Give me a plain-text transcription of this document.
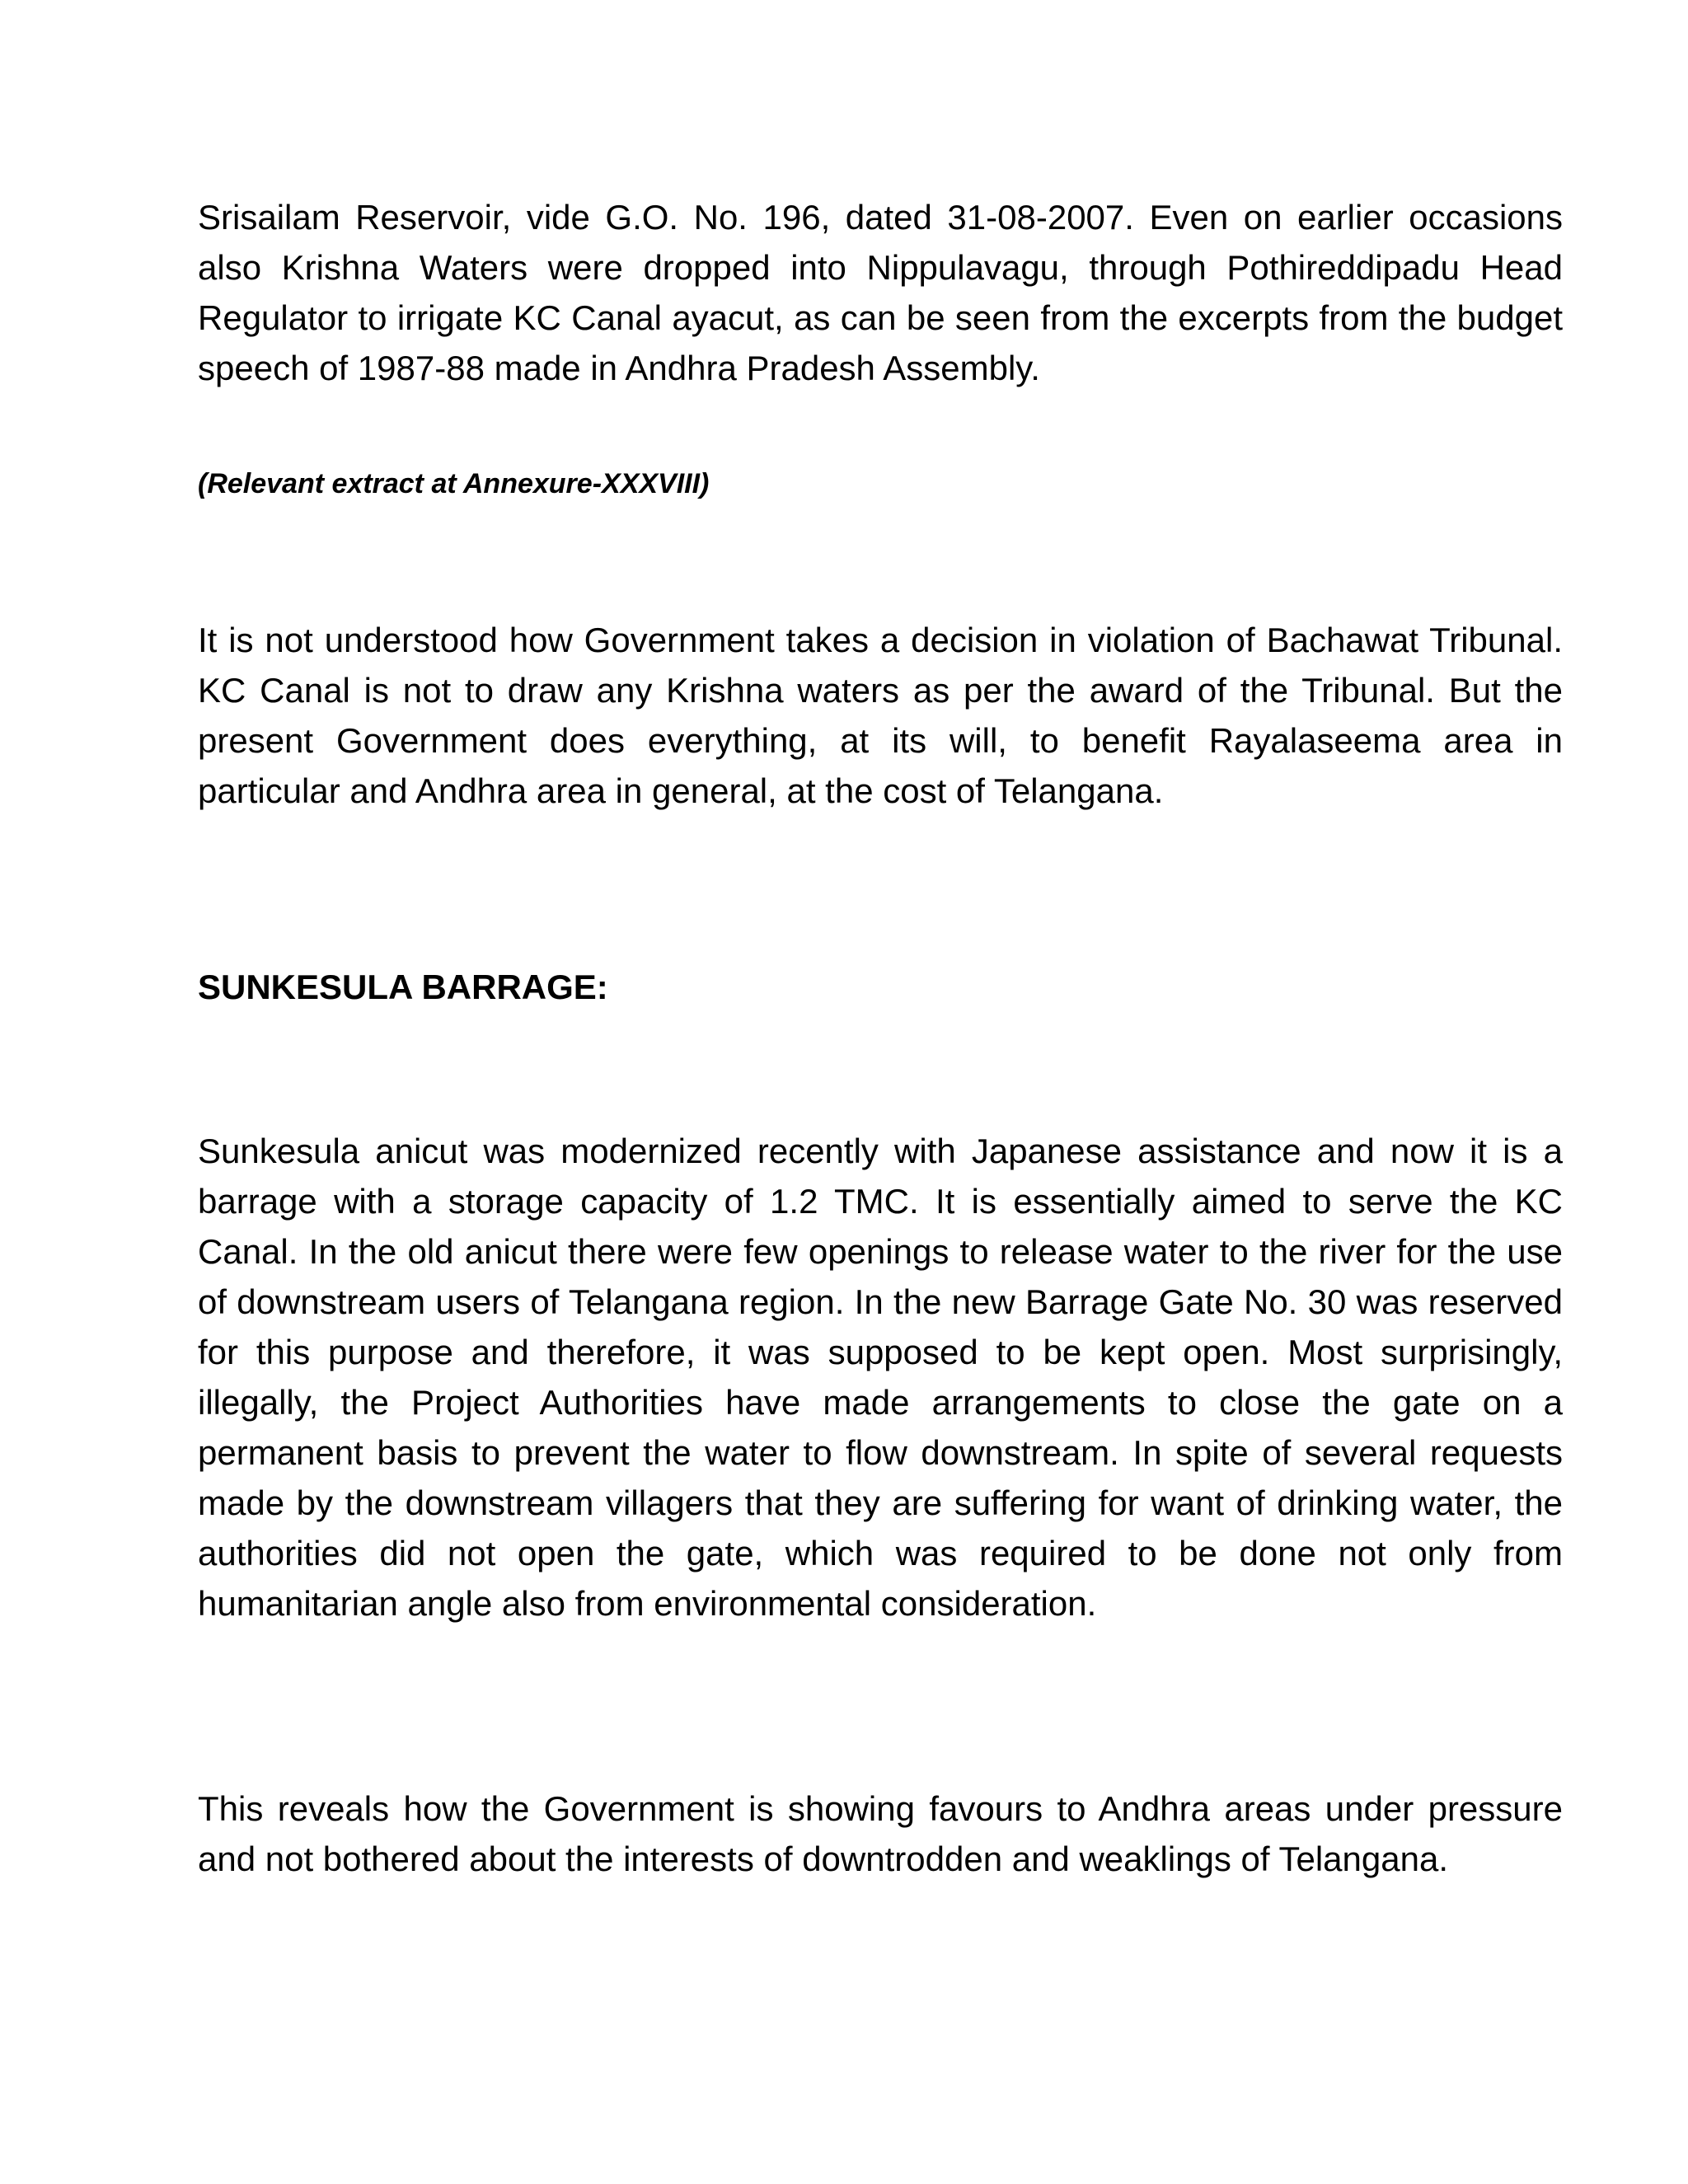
Srisailam Reservoir, vide G.O. No. 196, dated 31-08-2007. Even on earlier occasions also Krishna Waters were dropped into Nippulavagu, through Pothireddipadu Head Regulator to irrigate KC Canal ayacut, as can be seen from the excerpts from the budget speech of 1987-88 made in Andhra Pradesh Assembly.

(Relevant extract at Annexure-XXXVIII)

It is not understood how Government takes a decision in violation of Bachawat Tribunal. KC Canal is not to draw any Krishna waters as per the award of the Tribunal. But the present Government does everything, at its will, to benefit Rayalaseema area in particular and Andhra area in general, at the cost of Telangana.

SUNKESULA BARRAGE:

Sunkesula anicut was modernized recently with Japanese assistance and now it is a barrage with a storage capacity of 1.2 TMC. It is essentially aimed to serve the KC Canal. In the old anicut there were few openings to release water to the river for the use of downstream users of Telangana region. In the new Barrage Gate No. 30 was reserved for this purpose and therefore, it was supposed to be kept open. Most surprisingly, illegally, the Project Authorities have made arrangements to close the gate on a permanent basis to prevent the water to flow downstream. In spite of several requests made by the downstream villagers that they are suffering for want of drinking water, the authorities did not open the gate, which was required to be done not only from humanitarian angle also from environmental consideration.

This reveals how the Government is showing favours to Andhra areas under pressure and not bothered about the interests of downtrodden and weaklings of Telangana.
